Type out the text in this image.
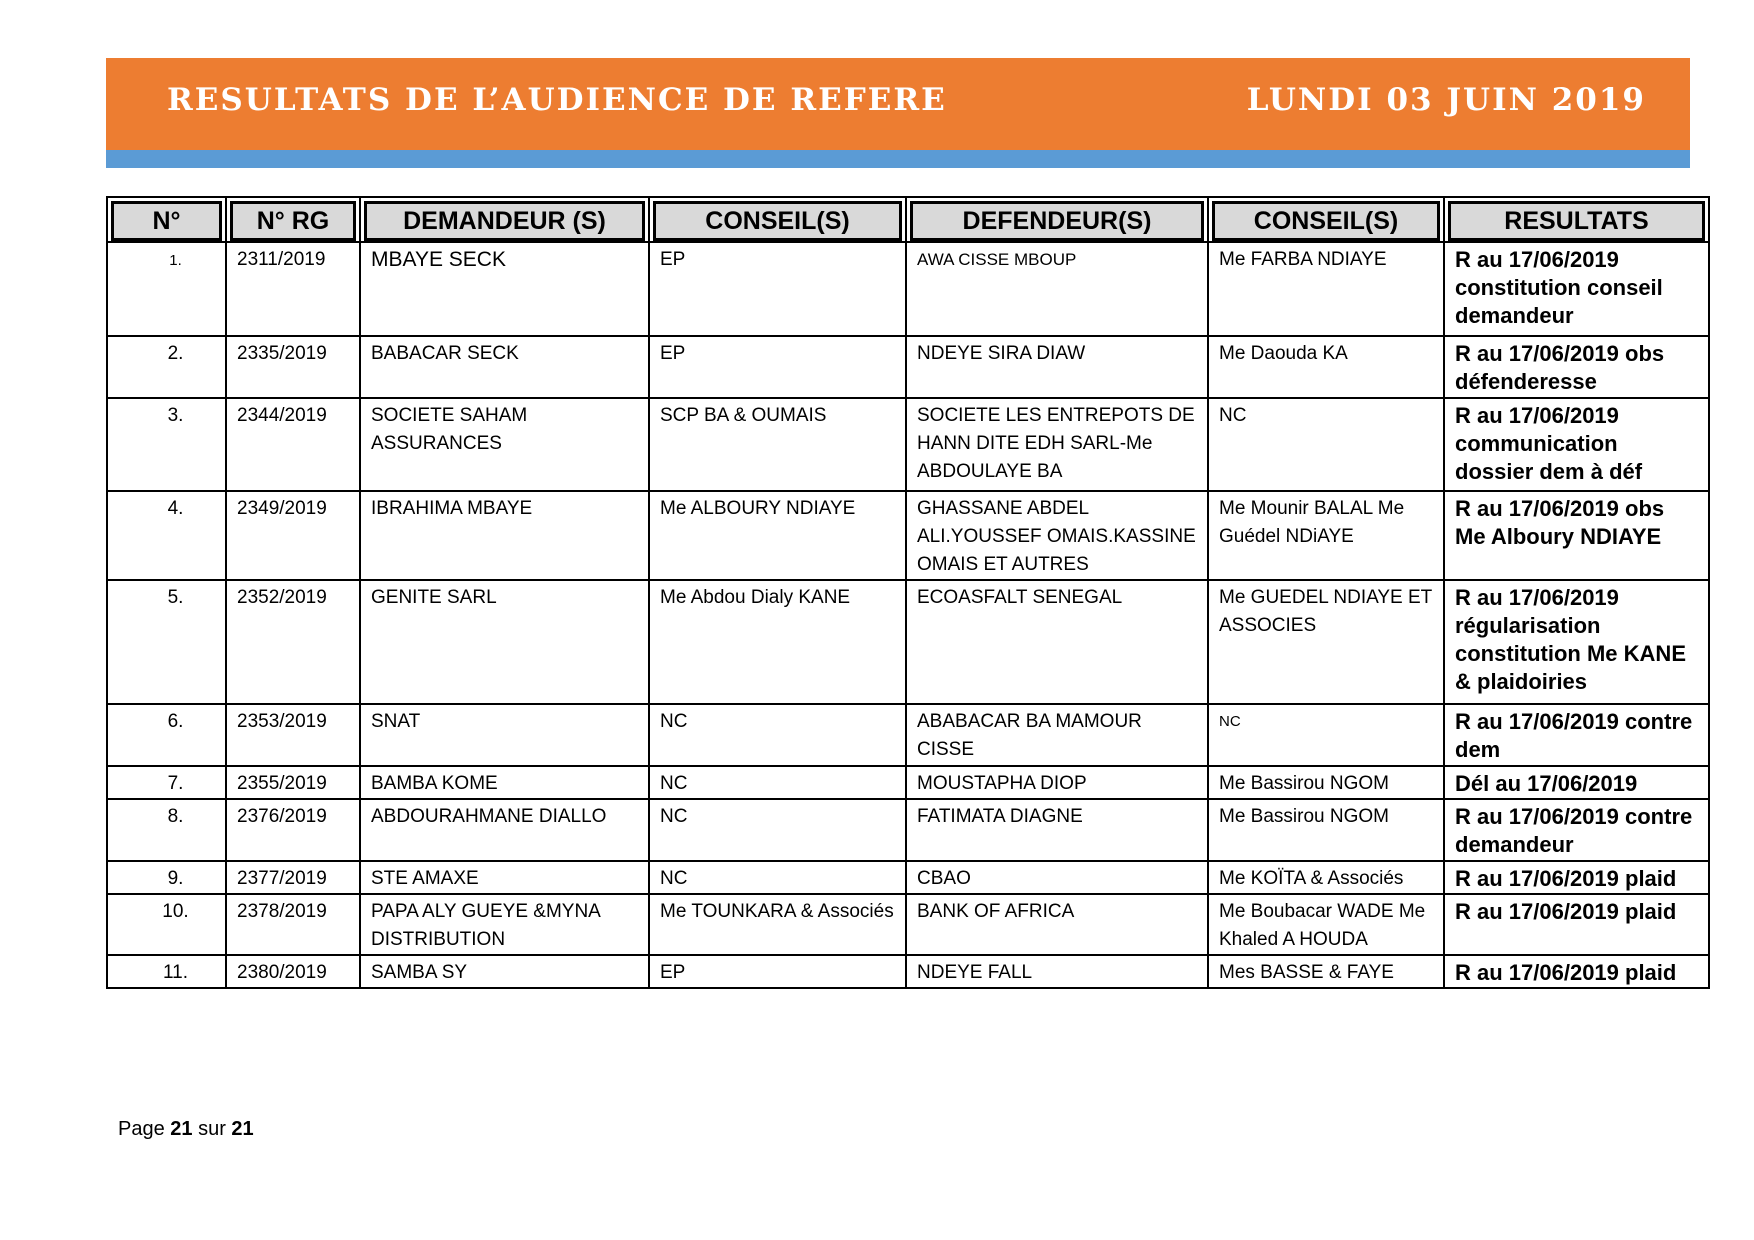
RESULTATS DE L’AUDIENCE DE REFERE	LUNDI 03 JUIN 2019
N°	N° RG	DEMANDEUR (S)	CONSEIL(S)	DEFENDEUR(S)	CONSEIL(S)	RESULTATS

1.	2311/2019	MBAYE SECK	EP	AWA CISSE MBOUP	Me FARBA NDIAYE	R au 17/06/2019 constitution conseil demandeur
2.	2335/2019	BABACAR SECK	EP	NDEYE SIRA DIAW	Me Daouda KA	R au 17/06/2019 obs défenderesse
3.	2344/2019	SOCIETE SAHAM ASSURANCES	SCP BA & OUMAIS	SOCIETE LES ENTREPOTS DE HANN DITE EDH SARL-Me ABDOULAYE BA	NC	R au 17/06/2019 communication dossier dem à déf
4.	2349/2019	IBRAHIMA MBAYE	Me ALBOURY NDIAYE	GHASSANE ABDEL ALI.YOUSSEF OMAIS.KASSINE OMAIS ET AUTRES	Me Mounir BALAL Me Guédel NDiAYE	R au 17/06/2019 obs Me Alboury NDIAYE
5.	2352/2019	GENITE SARL	Me Abdou Dialy KANE	ECOASFALT SENEGAL	Me GUEDEL NDIAYE ET ASSOCIES	R au 17/06/2019 régularisation constitution Me KANE & plaidoiries
6.	2353/2019	SNAT	NC	ABABACAR BA MAMOUR CISSE	NC	R au 17/06/2019 contre dem
7.	2355/2019	BAMBA KOME	NC	MOUSTAPHA DIOP	Me Bassirou NGOM	Dél au 17/06/2019
8.	2376/2019	ABDOURAHMANE DIALLO	NC	FATIMATA DIAGNE	Me Bassirou NGOM	R au 17/06/2019 contre demandeur
9.	2377/2019	STE AMAXE	NC	CBAO	Me KOÏTA & Associés	R au 17/06/2019 plaid
10.	2378/2019	PAPA ALY GUEYE &MYNA DISTRIBUTION	Me TOUNKARA & Associés	BANK OF AFRICA	Me Boubacar WADE Me Khaled A HOUDA	R au 17/06/2019 plaid
11.	2380/2019	SAMBA SY	EP	NDEYE FALL	Mes BASSE & FAYE	R au 17/06/2019 plaid
Page 21 sur 21
